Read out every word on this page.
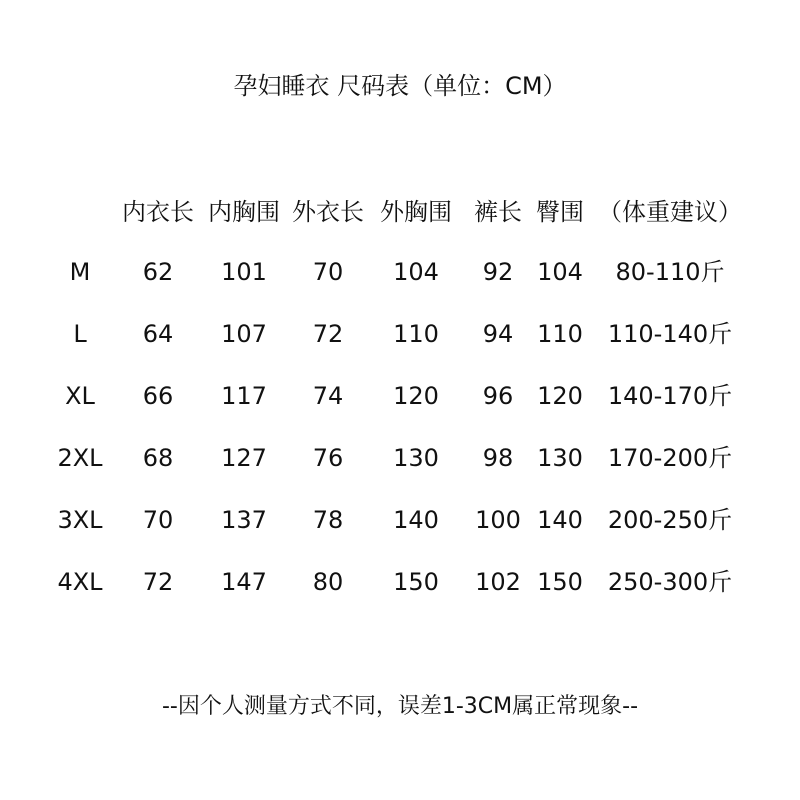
孕妇睡衣 尺码表（单位：CM）
内衣长 内胸围 外衣长 外胸围 裤长 臀围 （体重建议）
M 62 101 70 104 92 104 80-110斤
L 64 107 72 110 94 110 110-140斤
XL 66 117 74 120 96 120 140-170斤
2XL 68 127 76 130 98 130 170-200斤
3XL 70 137 78 140 100 140 200-250斤
4XL 72 147 80 150 102 150 250-300斤
--因个人测量方式不同，误差1-3CM属正常现象--
